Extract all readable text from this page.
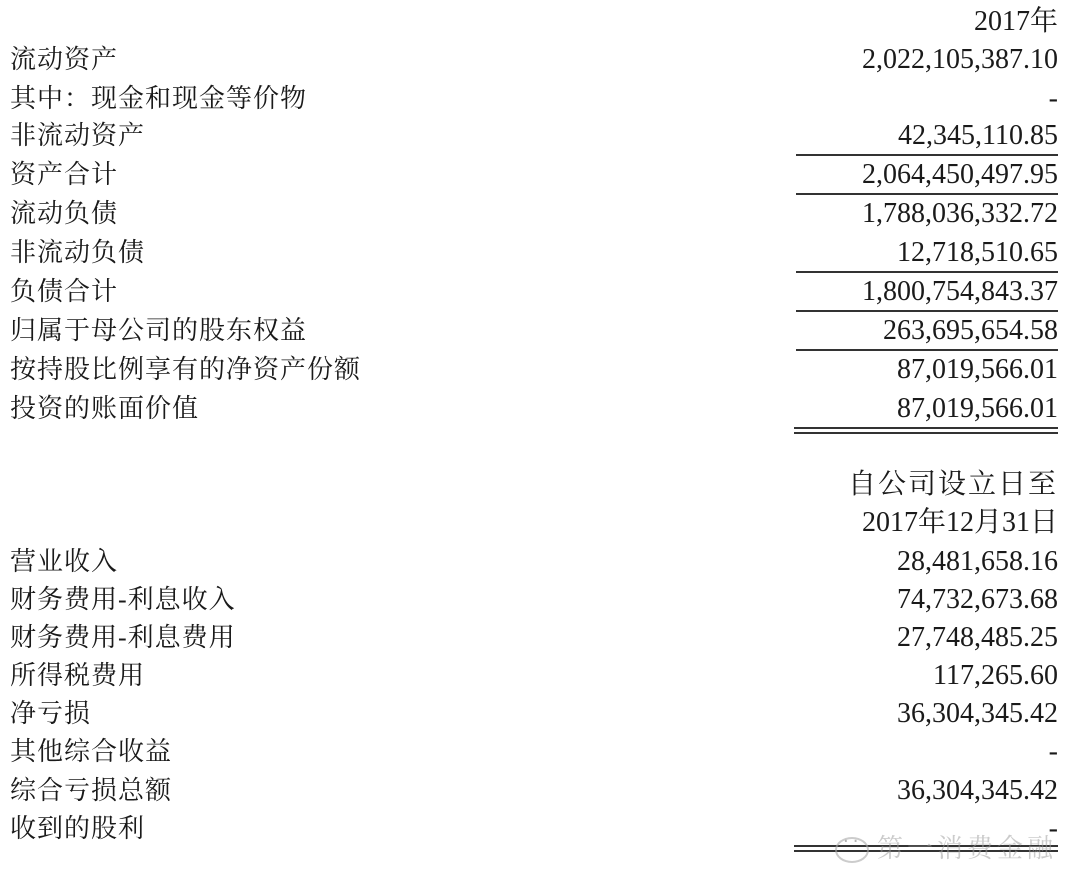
2017年
流动资产	2,022,105,387.10
其中：现金和现金等价物	-
非流动资产	42,345,110.85
资产合计	2,064,450,497.95
流动负债	1,788,036,332.72
非流动负债	12,718,510.65
负债合计	1,800,754,843.37
归属于母公司的股东权益	263,695,654.58
按持股比例享有的净资产份额	87,019,566.01
投资的账面价值	87,019,566.01
自公司设立日至
2017年12月31日
营业收入	28,481,658.16
财务费用-利息收入	74,732,673.68
财务费用-利息费用	27,748,485.25
所得税费用	117,265.60
净亏损	36,304,345.42
其他综合收益	-
综合亏损总额	36,304,345.42
收到的股利	-
··第一消费金融
